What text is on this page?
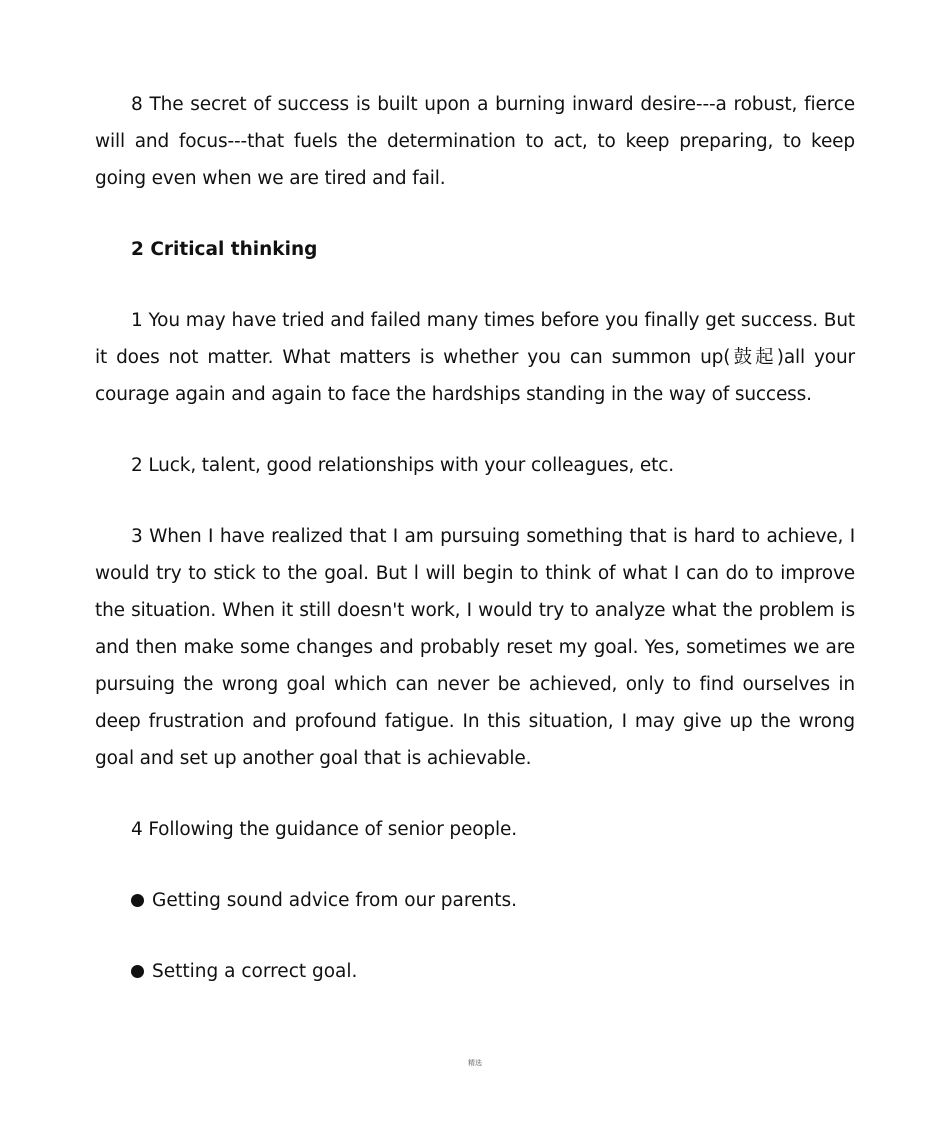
8 The secret of success is built upon a burning inward desire---a robust, fierce will and focus---that fuels the determination to act, to keep preparing, to keep going even when we are tired and fail.

2 Critical thinking

1 You may have tried and failed many times before you finally get success. But it does not matter. What matters is whether you can summon up(鼓起)all your courage again and again to face the hardships standing in the way of success.

2 Luck, talent, good relationships with your colleagues, etc.

3 When I have realized that I am pursuing something that is hard to achieve, I would try to stick to the goal. But l will begin to think of what I can do to improve the situation. When it still doesn't work, I would try to analyze what the problem is and then make some changes and probably reset my goal. Yes, sometimes we are pursuing the wrong goal which can never be achieved, only to find ourselves in deep frustration and profound fatigue. In this situation, I may give up the wrong goal and set up another goal that is achievable.

4 Following the guidance of senior people.

Getting sound advice from our parents.
Setting a correct goal.
精选
